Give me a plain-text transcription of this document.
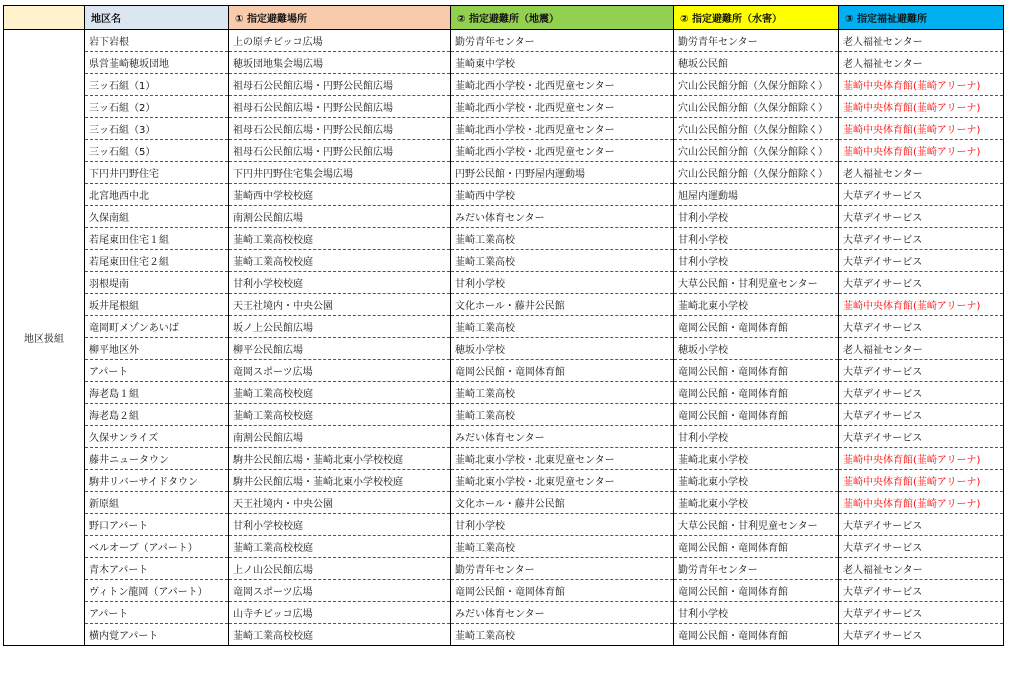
	地区名	① 指定避難場所	② 指定避難所（地震）	② 指定避難所（水害）	③ 指定福祉避難所
地区扱組	岩下岩根	上の原チビッコ広場	勤労青年センター	勤労青年センター	老人福祉センター
	県営韮崎穂坂団地	穂坂団地集会場広場	韮崎東中学校	穂坂公民館	老人福祉センター
	三ッ石組（1）	祖母石公民館広場・円野公民館広場	韮崎北西小学校・北西児童センター	穴山公民館分館（久保分館除く）	韮崎中央体育館(韮崎アリーナ)
	三ッ石組（2）	祖母石公民館広場・円野公民館広場	韮崎北西小学校・北西児童センター	穴山公民館分館（久保分館除く）	韮崎中央体育館(韮崎アリーナ)
	三ッ石組（3）	祖母石公民館広場・円野公民館広場	韮崎北西小学校・北西児童センター	穴山公民館分館（久保分館除く）	韮崎中央体育館(韮崎アリーナ)
	三ッ石組（5）	祖母石公民館広場・円野公民館広場	韮崎北西小学校・北西児童センター	穴山公民館分館（久保分館除く）	韮崎中央体育館(韮崎アリーナ)
	下円井円野住宅	下円井円野住宅集会場広場	円野公民館・円野屋内運動場	穴山公民館分館（久保分館除く）	老人福祉センター
	北宮地西中北	韮崎西中学校校庭	韮崎西中学校	旭屋内運動場	大草デイサービス
	久保南組	南割公民館広場	みだい体育センター	甘利小学校	大草デイサービス
	若尾東田住宅１組	韮崎工業高校校庭	韮崎工業高校	甘利小学校	大草デイサービス
	若尾東田住宅２組	韮崎工業高校校庭	韮崎工業高校	甘利小学校	大草デイサービス
	羽根堤南	甘利小学校校庭	甘利小学校	大草公民館・甘利児童センター	大草デイサービス
	坂井尾根組	天王社境内・中央公園	文化ホール・藤井公民館	韮崎北東小学校	韮崎中央体育館(韮崎アリーナ)
	竜岡町メゾンあいば	坂ノ上公民館広場	韮崎工業高校	竜岡公民館・竜岡体育館	大草デイサービス
	柳平地区外	柳平公民館広場	穂坂小学校	穂坂小学校	老人福祉センター
	アパート	竜岡スポーツ広場	竜岡公民館・竜岡体育館	竜岡公民館・竜岡体育館	大草デイサービス
	海老島１組	韮崎工業高校校庭	韮崎工業高校	竜岡公民館・竜岡体育館	大草デイサービス
	海老島２組	韮崎工業高校校庭	韮崎工業高校	竜岡公民館・竜岡体育館	大草デイサービス
	久保サンライズ	南割公民館広場	みだい体育センター	甘利小学校	大草デイサービス
	藤井ニュータウン	駒井公民館広場・韮崎北東小学校校庭	韮崎北東小学校・北東児童センター	韮崎北東小学校	韮崎中央体育館(韮崎アリーナ)
	駒井リバーサイドタウン	駒井公民館広場・韮崎北東小学校校庭	韮崎北東小学校・北東児童センター	韮崎北東小学校	韮崎中央体育館(韮崎アリーナ)
	新原組	天王社境内・中央公園	文化ホール・藤井公民館	韮崎北東小学校	韮崎中央体育館(韮崎アリーナ)
	野口アパート	甘利小学校校庭	甘利小学校	大草公民館・甘利児童センター	大草デイサービス
	ベルオーブ（アパート）	韮崎工業高校校庭	韮崎工業高校	竜岡公民館・竜岡体育館	大草デイサービス
	青木アパート	上ノ山公民館広場	勤労青年センター	勤労青年センター	老人福祉センター
	ヴィトン龍岡（アパート）	竜岡スポーツ広場	竜岡公民館・竜岡体育館	竜岡公民館・竜岡体育館	大草デイサービス
	アパート	山寺チビッコ広場	みだい体育センター	甘利小学校	大草デイサービス
	横内覚アパート	韮崎工業高校校庭	韮崎工業高校	竜岡公民館・竜岡体育館	大草デイサービス
